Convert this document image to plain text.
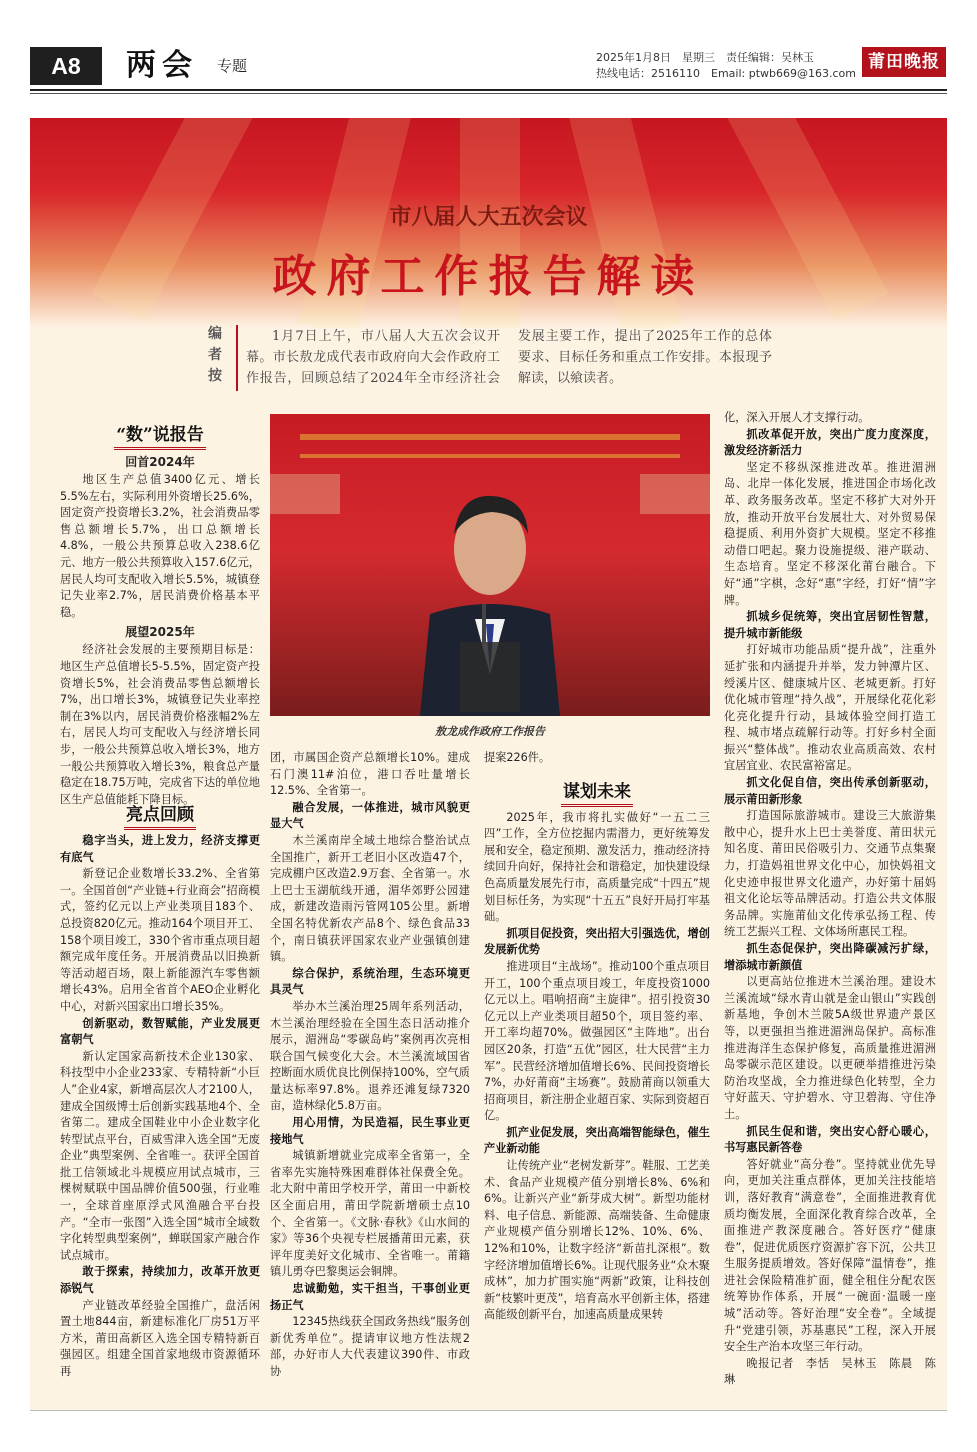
A8	两会 专题	2025年1月8日　星期三　责任编辑：吴林玉
热线电话：2516110　Email: ptwb669@163.com
莆田晚报
市八届人大五次会议
政府工作报告解读
编者按
1月7日上午，市八届人大五次会议开幕。市长敖龙成代表市政府向大会作政府工作报告，回顾总结了2024年全市经济社会发展主要工作，提出了2025年工作的总体要求、目标任务和重点工作安排。本报现予解读，以飨读者。
敖龙成作政府工作报告
“数”说报告
回首2024年

地区生产总值3400亿元、增长5.5%左右，实际利用外资增长25.6%，固定资产投资增长3.2%，社会消费品零售总额增长5.7%，出口总额增长4.8%，一般公共预算总收入238.6亿元、地方一般公共预算收入157.6亿元，居民人均可支配收入增长5.5%，城镇登记失业率2.7%，居民消费价格基本平稳。

展望2025年

经济社会发展的主要预期目标是：地区生产总值增长5-5.5%，固定资产投资增长5%，社会消费品零售总额增长7%，出口增长3%，城镇登记失业率控制在3%以内，居民消费价格涨幅2%左右，居民人均可支配收入与经济增长同步，一般公共预算总收入增长3%，地方一般公共预算收入增长3%，粮食总产量稳定在18.75万吨，完成省下达的单位地区生产总值能耗下降目标。

亮点回顾

稳字当头，进上发力，经济支撑更有底气

新登记企业数增长33.2%、全省第一。全国首创“产业链+行业商会”招商模式，签约亿元以上产业类项目183个、总投资820亿元。推动164个项目开工、158个项目竣工，330个省市重点项目超额完成年度任务。开展消费品以旧换新等活动超百场，限上新能源汽车零售额增长43%。启用全省首个AEO企业孵化中心，对新兴国家出口增长35%。

创新驱动，数智赋能，产业发展更富朝气

新认定国家高新技术企业130家、科技型中小企业233家、专精特新“小巨人”企业4家，新增高层次人才2100人，建成全国级博士后创新实践基地4个、全省第二。建成全国鞋业中小企业数字化转型试点平台，百威雪津入选全国“无废企业”典型案例、全省唯一。获评全国首批工信领域北斗规模应用试点城市，三棵树赋联中国品牌价值500强，行业唯一，全球首座原浮式风渔融合平台投产。“全市一张图”入选全国“城市全域数字化转型典型案例”，蝉联国家产融合作试点城市。

敢于探索，持续加力，改革开放更添锐气

产业链改革经验全国推广，盘活闲置土地844亩，新建标准化厂房51万平方米，莆田高新区入选全国专精特新百强园区。组建全国首家地级市资源循环再

团，市属国企资产总额增长10%。建成石门澳11#泊位，港口吞吐量增长12.5%、全省第一。

融合发展，一体推进，城市风貌更显大气

木兰溪南岸全域土地综合整治试点全国推广，新开工老旧小区改造47个，完成棚户区改造2.9万套、全省第一。水上巴士玉湖航线开通，湄华郊野公园建成，新建改造雨污管网105公里。新增全国名特优新农产品8个、绿色食品33个，南日镇获评国家农业产业强镇创建镇。

综合保护，系统治理，生态环境更具灵气

举办木兰溪治理25周年系列活动，木兰溪治理经验在全国生态日活动推介展示，湄洲岛“零碳岛屿”案例再次亮相联合国气候变化大会。木兰溪流域国省控断面水质优良比例保持100%，空气质量达标率97.8%。退养还滩复绿7320亩，造林绿化5.8万亩。

用心用情，为民造福，民生事业更接地气

城镇新增就业完成率全省第一，全省率先实施特殊困难群体社保费全免。北大附中莆田学校开学，莆田一中新校区全面启用，莆田学院新增硕士点10个、全省第一。《文脉·春秋》《山水间的家》等36个央视专栏展播莆田元素，获评年度美好文化城市、全省唯一。莆籍镇儿勇夺巴黎奥运会铜牌。

忠诚勤勉，实干担当，干事创业更扬正气

12345热线获全国政务热线“服务创新优秀单位”。提请审议地方性法规2部，办好市人大代表建议390件、市政协

提案226件。

谋划未来

2025年，我市将扎实做好“一五二三四”工作，全方位挖掘内需潜力，更好统筹发展和安全，稳定预期、激发活力，推动经济持续回升向好，保持社会和谐稳定，加快建设绿色高质量发展先行市，高质量完成“十四五”规划目标任务，为实现“十五五”良好开局打牢基础。

抓项目促投资，突出招大引强选优，增创发展新优势

推进项目“主战场”。推动100个重点项目开工，100个重点项目竣工，年度投资1000亿元以上。唱响招商“主旋律”。招引投资30亿元以上产业类项目超50个，项目签约率、开工率均超70%。做强园区“主阵地”。出台园区20条，打造“五优”园区，壮大民营“主力军”。民营经济增加值增长6%、民间投资增长7%，办好莆商“主场赛”。鼓励莆商以领重大招商项目，新注册企业超百家、实际到资超百亿。

抓产业促发展，突出高端智能绿色，催生产业新动能

让传统产业“老树发新芽”。鞋服、工艺美术、食品产业规模产值分别增长8%、6%和6%。让新兴产业“新芽成大树”。新型功能材料、电子信息、新能源、高端装备、生命健康产业规模产值分别增长12%、10%、6%、12%和10%，让数字经济“新苗扎深根”。数字经济增加值增长6%。让现代服务业“众木聚成林”，加力扩围实施“两新”政策，让科技创新“枝繁叶更茂”，培育高水平创新主体，搭建高能级创新平台，加速高质量成果转

化，深入开展人才支撑行动。

抓改革促开放，突出广度力度深度，激发经济新活力

坚定不移纵深推进改革。推进湄洲岛、北岸一体化发展，推进国企市场化改革、政务服务改革。坚定不移扩大对外开放，推动开放平台发展壮大、对外贸易保稳提质、利用外资扩大规模。坚定不移推动借口吧起。聚力设施提级、港产联动、生态培育。坚定不移深化莆台融合。下好“通”字棋，念好“惠”字经，打好“情”字牌。

抓城乡促统筹，突出宜居韧性智慧，提升城市新能级

打好城市功能品质“提升战”，注重外延扩张和内涵提升并举，发力钟潭片区、绶溪片区、健康城片区、老城更新。打好优化城市管理“持久战”，开展绿化花化彩化亮化提升行动，县域体验空间打造工程、城市堵点疏解行动等。打好乡村全面振兴“整体战”。推动农业高质高效、农村宜居宜业、农民富裕富足。

抓文化促自信，突出传承创新驱动，展示莆田新形象

打造国际旅游城市。建设三大旅游集散中心，提升水上巴士美誉度、莆田状元知名度、莆田民俗吸引力、交通节点集聚力，打造妈祖世界文化中心，加快妈祖文化史迹申报世界文化遗产，办好第十届妈祖文化论坛等品牌活动。打造公共文体服务品牌。实施莆仙文化传承弘扬工程、传统工艺振兴工程、文体场所惠民工程。

抓生态促保护，突出降碳减污扩绿，增添城市新颜值

以更高站位推进木兰溪治理。建设木兰溪流域“绿水青山就是金山银山”实践创新基地，争创木兰陂5A级世界遗产景区等，以更强担当推进湄洲岛保护。高标准推进海洋生态保护修复，高质量推进湄洲岛零碳示范区建设。以更硬举措推进污染防治攻坚战，全力推进绿色化转型，全力守好蓝天、守护碧水、守卫碧海、守住净土。

抓民生促和谐，突出安心舒心暖心，书写惠民新答卷

答好就业“高分卷”。坚持就业优先导向，更加关注重点群体，更加关注技能培训，落好教育“满意卷”，全面推进教育优质均衡发展，全面深化教育综合改革，全面推进产教深度融合。答好医疗“健康卷”，促进优质医疗资源扩容下沉，公共卫生服务提质增效。答好保障“温情卷”，推进社会保险精准扩面，健全租住分配农医统筹协作体系，开展“一碗面·温暖一座城”活动等。答好治理“安全卷”。全域提升“党建引领，苏基惠民”工程，深入开展安全生产治本攻坚三年行动。

晚报记者　李恬　吴林玉　陈晨　陈琳
